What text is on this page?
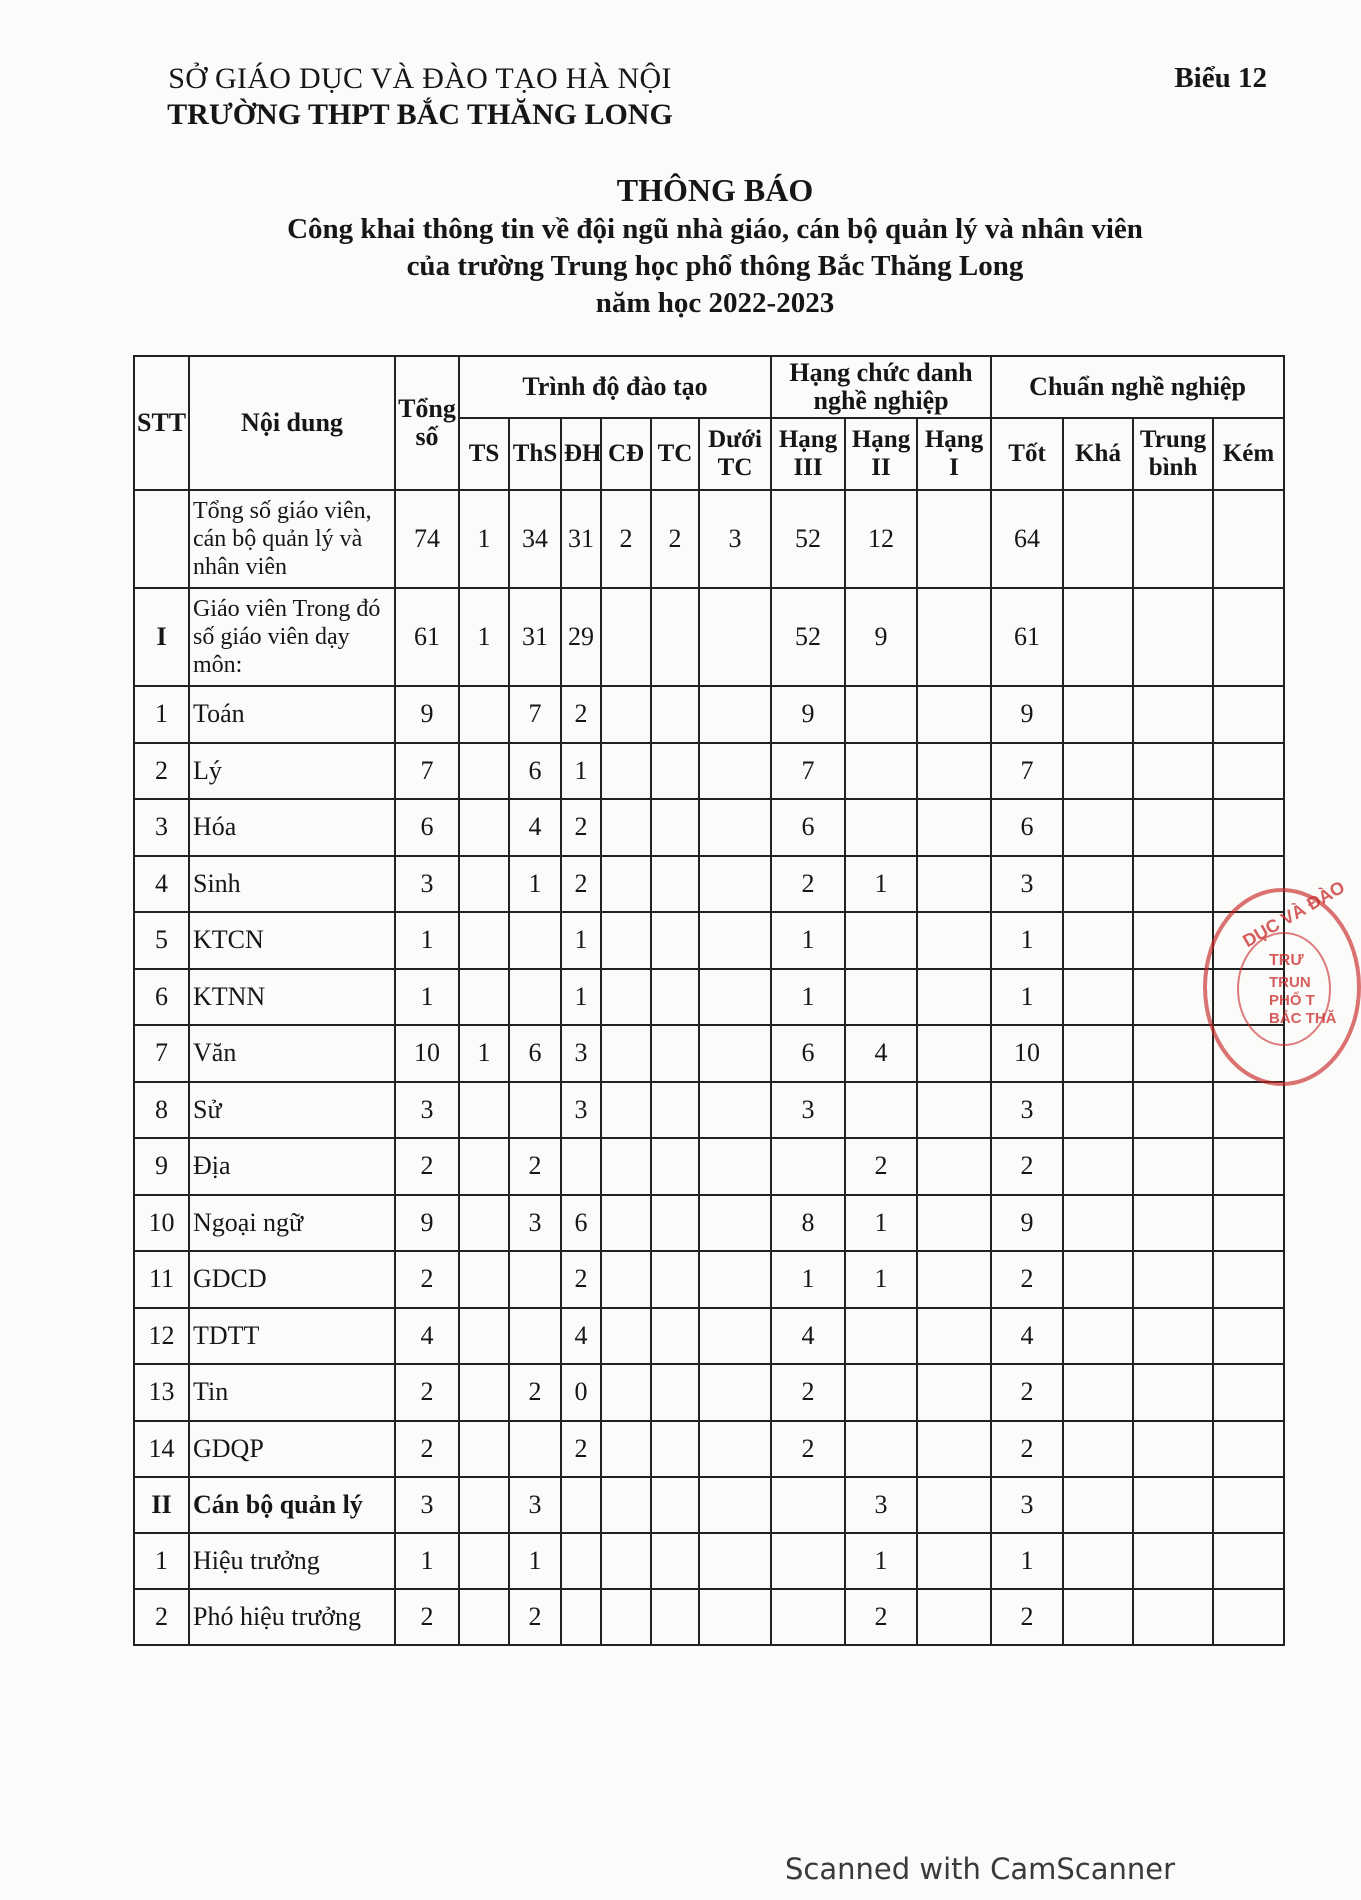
SỞ GIÁO DỤC VÀ ĐÀO TẠO HÀ NỘI
TRƯỜNG THPT BẮC THĂNG LONG
Biểu 12
THÔNG BÁO
Công khai thông tin về đội ngũ nhà giáo, cán bộ quản lý và nhân viên
của trường Trung học phổ thông Bắc Thăng Long
năm học 2022-2023
STT	Nội dung	Tổng số	Trình độ đào tạo						Hạng chức danh nghề nghiệp			Chuẩn nghề nghiệp			
			TS	ThS	ĐH	CĐ	TC	Dưới TC	Hạng III	Hạng II	Hạng I	Tốt	Khá	Trung bình	Kém
	Tổng số giáo viên, cán bộ quản lý và nhân viên	74	1	34	31	2	2	3	52	12		64			
I	Giáo viên Trong đó số giáo viên dạy môn:	61	1	31	29				52	9		61			
1	Toán	9		7	2				9			9			
2	Lý	7		6	1				7			7			
3	Hóa	6		4	2				6			6			
4	Sinh	3		1	2				2	1		3			
5	KTCN	1			1				1			1			
6	KTNN	1			1				1			1			
7	Văn	10	1	6	3				6	4		10			
8	Sử	3			3				3			3			
9	Địa	2		2						2		2			
10	Ngoại ngữ	9		3	6				8	1		9			
11	GDCD	2			2				1	1		2			
12	TDTT	4			4				4			4			
13	Tin	2		2	0				2			2			
14	GDQP	2			2				2			2			
II	Cán bộ quản lý	3		3						3		3			
1	Hiệu trưởng	1		1						1		1			
2	Phó hiệu trưởng	2		2						2		2			
DỤC VÀ ĐÀO
TRƯ
TRUN
PHỔ T
BẮC THĂ
Scanned with CamScanner
